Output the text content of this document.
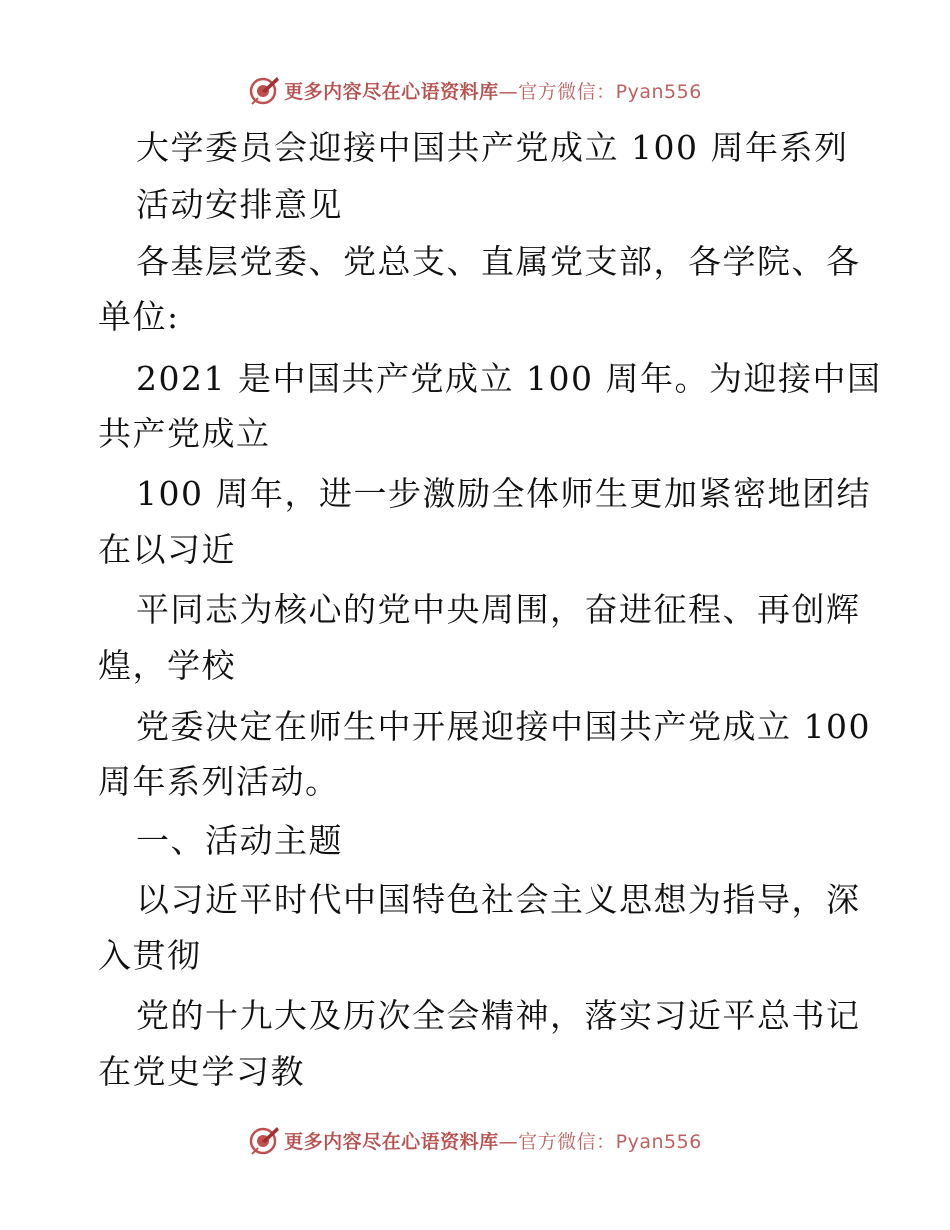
更多内容尽在心语资料库—官方微信：Pyan556
大学委员会迎接中国共产党成立 100 周年系列
活动安排意见
各基层党委、党总支、直属党支部，各学院、各
单位:
2021 是中国共产党成立 100 周年。为迎接中国
共产党成立
100 周年，进一步激励全体师生更加紧密地团结
在以习近
平同志为核心的党中央周围，奋进征程、再创辉
煌，学校
党委决定在师生中开展迎接中国共产党成立 100
周年系列活动。
一、活动主题
以习近平时代中国特色社会主义思想为指导，深
入贯彻
党的十九大及历次全会精神，落实习近平总书记
在党史学习教
更多内容尽在心语资料库—官方微信：Pyan556
